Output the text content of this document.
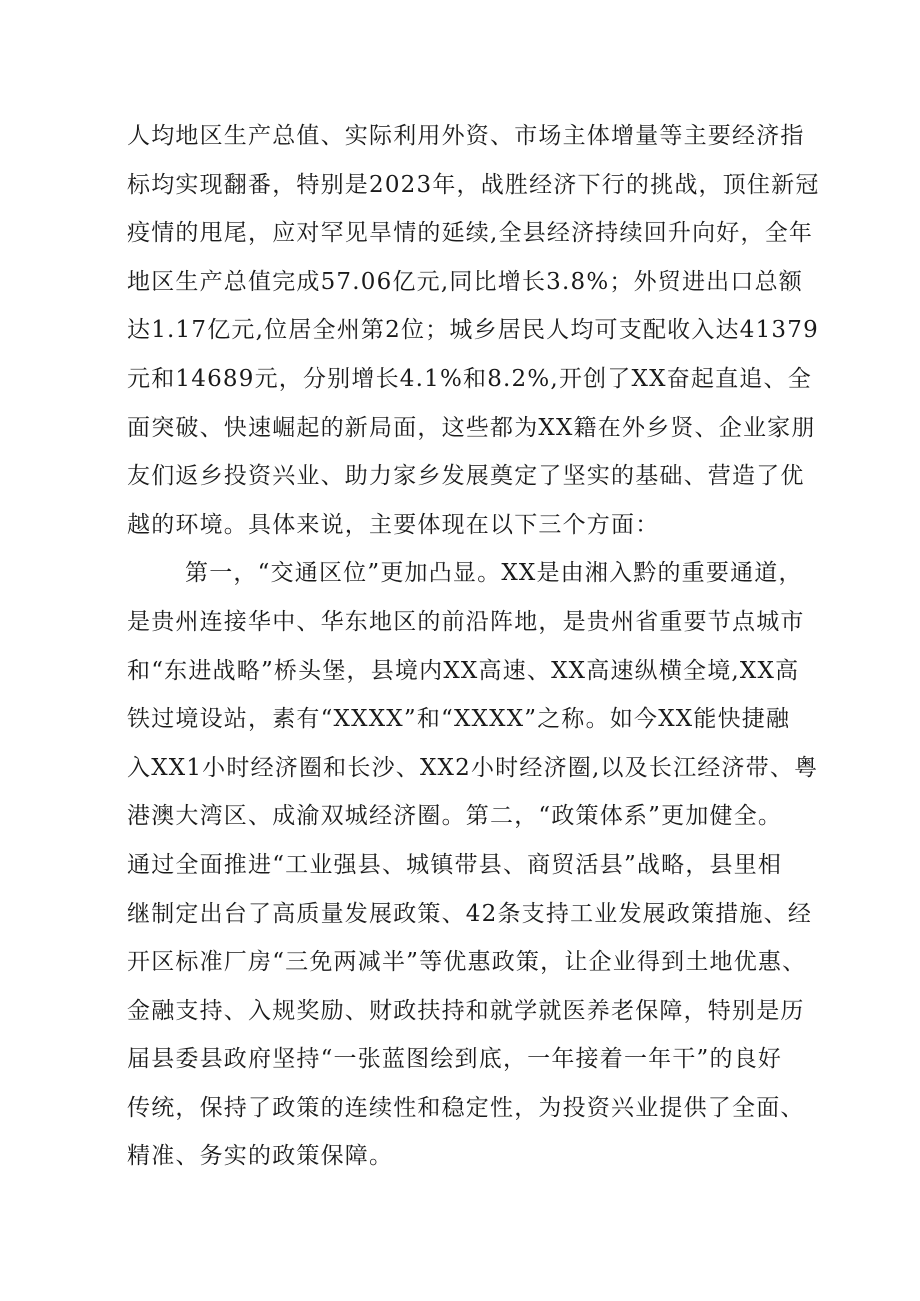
人均地区生产总值、实际利用外资、市场主体增量等主要经济指
标均实现翻番，特别是2023年，战胜经济下行的挑战，顶住新冠
疫情的甩尾，应对罕见旱情的延续,全县经济持续回升向好，全年
地区生产总值完成57.06亿元,同比增长3.8%；外贸进出口总额
达1.17亿元,位居全州第2位；城乡居民人均可支配收入达41379
元和14689元，分别增长4.1%和8.2%,开创了XX奋起直追、全
面突破、快速崛起的新局面，这些都为XX籍在外乡贤、企业家朋
友们返乡投资兴业、助力家乡发展奠定了坚实的基础、营造了优
越的环境。具体来说，主要体现在以下三个方面：
第一，“交通区位”更加凸显。XX是由湘入黔的重要通道，
是贵州连接华中、华东地区的前沿阵地，是贵州省重要节点城市
和“东进战略”桥头堡，县境内XX高速、XX高速纵横全境,XX高
铁过境设站，素有“XXXX”和“XXXX”之称。如今XX能快捷融
入XX1小时经济圈和长沙、XX2小时经济圈,以及长江经济带、粤
港澳大湾区、成渝双城经济圈。第二，“政策体系”更加健全。
通过全面推进“工业强县、城镇带县、商贸活县”战略，县里相
继制定出台了高质量发展政策、42条支持工业发展政策措施、经
开区标准厂房“三免两减半”等优惠政策，让企业得到土地优惠、
金融支持、入规奖励、财政扶持和就学就医养老保障，特别是历
届县委县政府坚持“一张蓝图绘到底，一年接着一年干”的良好
传统，保持了政策的连续性和稳定性，为投资兴业提供了全面、
精准、务实的政策保障。
